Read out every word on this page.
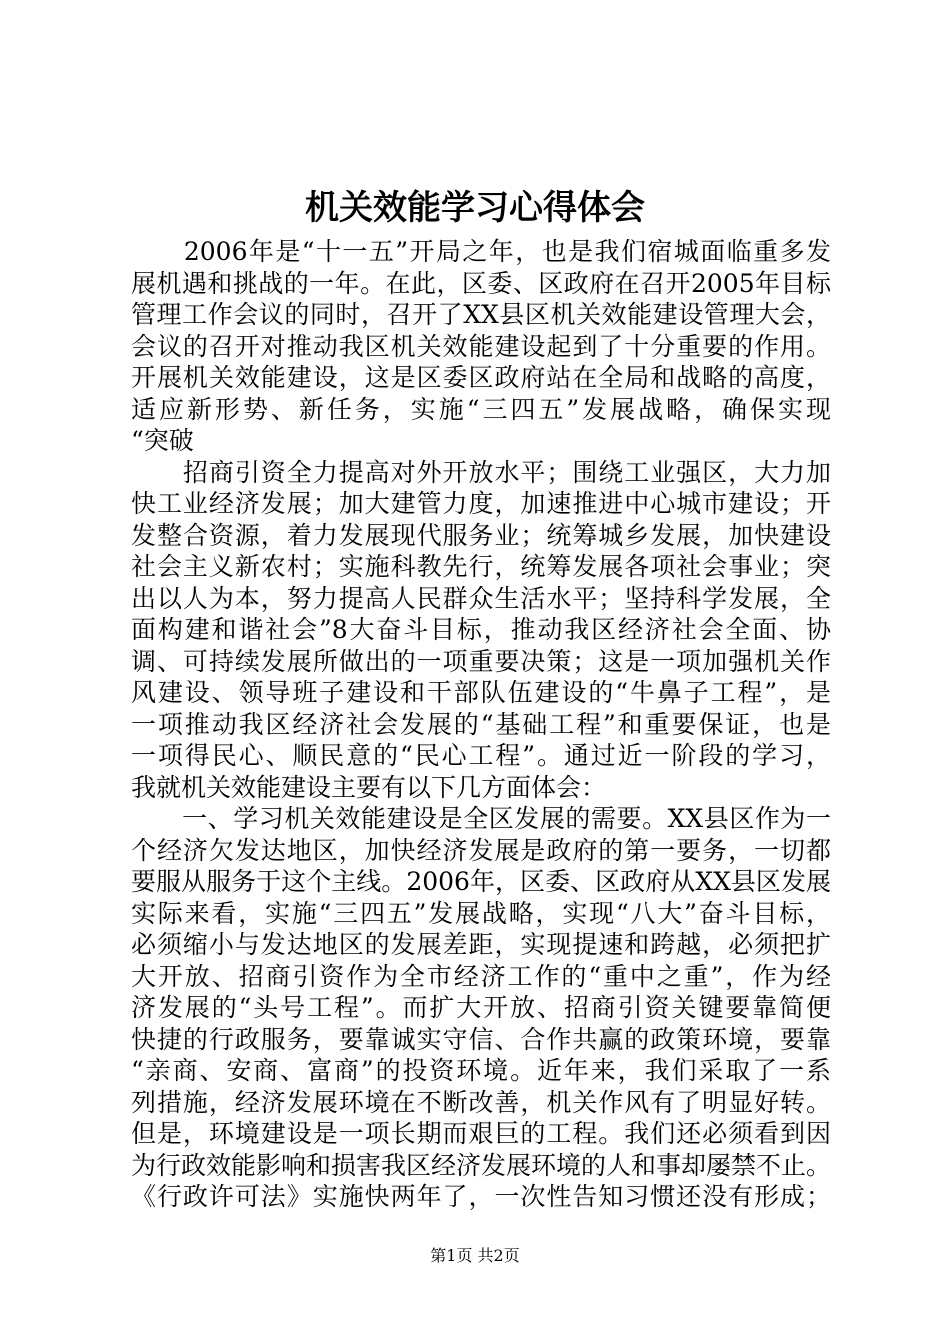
机关效能学习心得体会
　　2006年是“十一五”开局之年，也是我们宿城面临重多发
展机遇和挑战的一年。在此，区委、区政府在召开2005年目标
管理工作会议的同时，召开了XX县区机关效能建设管理大会，
会议的召开对推动我区机关效能建设起到了十分重要的作用。
开展机关效能建设，这是区委区政府站在全局和战略的高度，
适应新形势、新任务，实施“三四五”发展战略，确保实现
“突破
　　招商引资全力提高对外开放水平；围绕工业强区，大力加
快工业经济发展；加大建管力度，加速推进中心城市建设；开
发整合资源，着力发展现代服务业；统筹城乡发展，加快建设
社会主义新农村；实施科教先行，统筹发展各项社会事业；突
出以人为本，努力提高人民群众生活水平；坚持科学发展，全
面构建和谐社会”8大奋斗目标，推动我区经济社会全面、协
调、可持续发展所做出的一项重要决策；这是一项加强机关作
风建设、领导班子建设和干部队伍建设的“牛鼻子工程”，是
一项推动我区经济社会发展的“基础工程”和重要保证，也是
一项得民心、顺民意的“民心工程”。通过近一阶段的学习，
我就机关效能建设主要有以下几方面体会：
　　一、学习机关效能建设是全区发展的需要。XX县区作为一
个经济欠发达地区，加快经济发展是政府的第一要务，一切都
要服从服务于这个主线。2006年，区委、区政府从XX县区发展
实际来看，实施“三四五”发展战略，实现“八大”奋斗目标，
必须缩小与发达地区的发展差距，实现提速和跨越，必须把扩
大开放、招商引资作为全市经济工作的“重中之重”，作为经
济发展的“头号工程”。而扩大开放、招商引资关键要靠简便
快捷的行政服务，要靠诚实守信、合作共赢的政策环境，要靠
“亲商、安商、富商”的投资环境。近年来，我们采取了一系
列措施，经济发展环境在不断改善，机关作风有了明显好转。
但是，环境建设是一项长期而艰巨的工程。我们还必须看到因
为行政效能影响和损害我区经济发展环境的人和事却屡禁不止。
《行政许可法》实施快两年了，一次性告知习惯还没有形成；
第1页 共2页
